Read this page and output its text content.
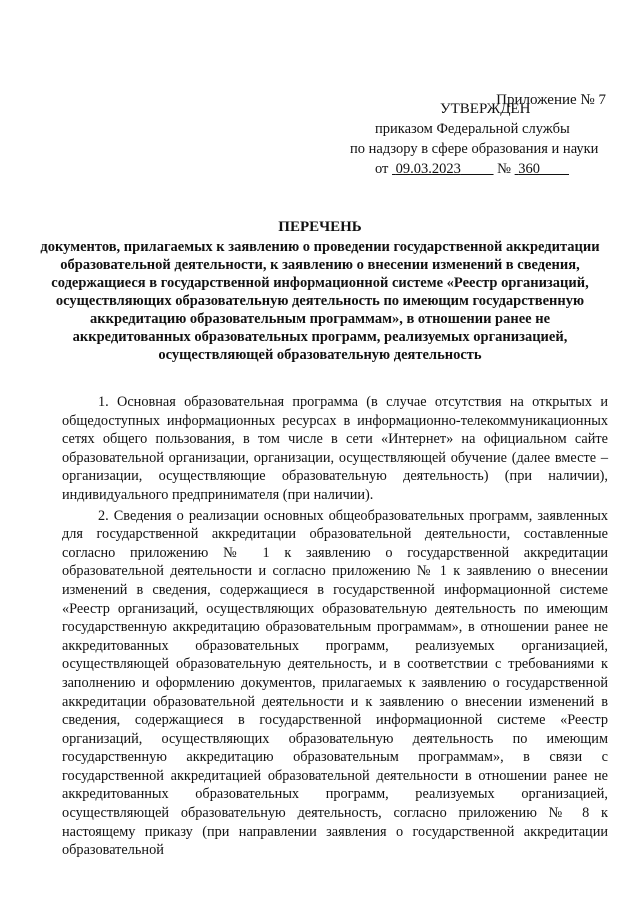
Приложение № 7
УТВЕРЖДЕН
приказом Федеральной службы
по надзору в сфере образования и науки
от 09.03.2023	№ 360
ПЕРЕЧЕНЬ
документов, прилагаемых к заявлению о проведении государственной аккредитации образовательной деятельности, к заявлению о внесении изменений в сведения, содержащиеся в государственной информационной системе «Реестр организаций, осуществляющих образовательную деятельность по имеющим государственную аккредитацию образовательным программам», в отношении ранее не аккредитованных образовательных программ, реализуемых организацией, осуществляющей образовательную деятельность

1. Основная образовательная программа (в случае отсутствия на открытых и общедоступных информационных ресурсах в информационно-телекоммуникационных сетях общего пользования, в том числе в сети «Интернет» на официальном сайте образовательной организации, организации, осуществляющей обучение (далее вместе – организации, осуществляющие образовательную деятельность) (при наличии), индивидуального предпринимателя (при наличии).

2. Сведения о реализации основных общеобразовательных программ, заявленных для государственной аккредитации образовательной деятельности, составленные согласно приложению № 1 к заявлению о государственной аккредитации образовательной деятельности и согласно приложению № 1 к заявлению о внесении изменений в сведения, содержащиеся в государственной информационной системе «Реестр организаций, осуществляющих образовательную деятельность по имеющим государственную аккредитацию образовательным программам», в отношении ранее не аккредитованных образовательных программ, реализуемых организацией, осуществляющей образовательную деятельность, и в соответствии с требованиями к заполнению и оформлению документов, прилагаемых к заявлению о государственной аккредитации образовательной деятельности и к заявлению о внесении изменений в сведения, содержащиеся в государственной информационной системе «Реестр организаций, осуществляющих образовательную деятельность по имеющим государственную аккредитацию образовательным программам», в связи с государственной аккредитацией образовательной деятельности в отношении ранее не аккредитованных образовательных программ, реализуемых организацией, осуществляющей образовательную деятельность, согласно приложению № 8 к настоящему приказу (при направлении заявления о государственной аккредитации образовательной
